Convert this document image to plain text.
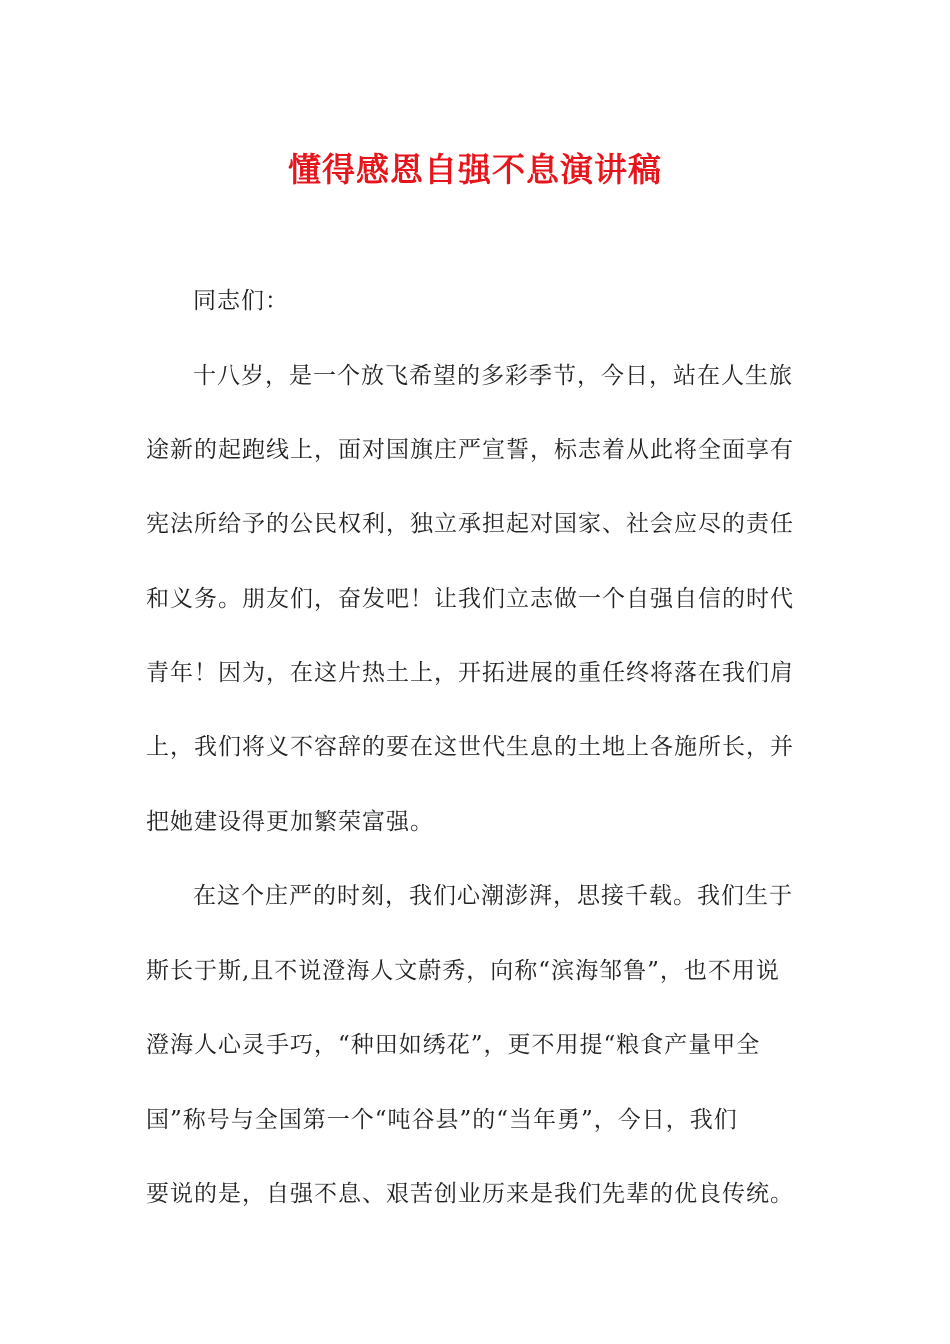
懂得感恩自强不息演讲稿
同志们：
十八岁，是一个放飞希望的多彩季节，今日，站在人生旅
途新的起跑线上，面对国旗庄严宣誓，标志着从此将全面享有
宪法所给予的公民权利，独立承担起对国家、社会应尽的责任
和义务。朋友们，奋发吧！让我们立志做一个自强自信的时代
青年！因为，在这片热土上，开拓进展的重任终将落在我们肩
上，我们将义不容辞的要在这世代生息的土地上各施所长，并
把她建设得更加繁荣富强。
在这个庄严的时刻，我们心潮澎湃，思接千载。我们生于
斯长于斯,且不说澄海人文蔚秀，向称“滨海邹鲁”，也不用说
澄海人心灵手巧，“种田如绣花”，更不用提“粮食产量甲全
国”称号与全国第一个“吨谷县”的“当年勇”，今日，我们
要说的是，自强不息、艰苦创业历来是我们先辈的优良传统。
